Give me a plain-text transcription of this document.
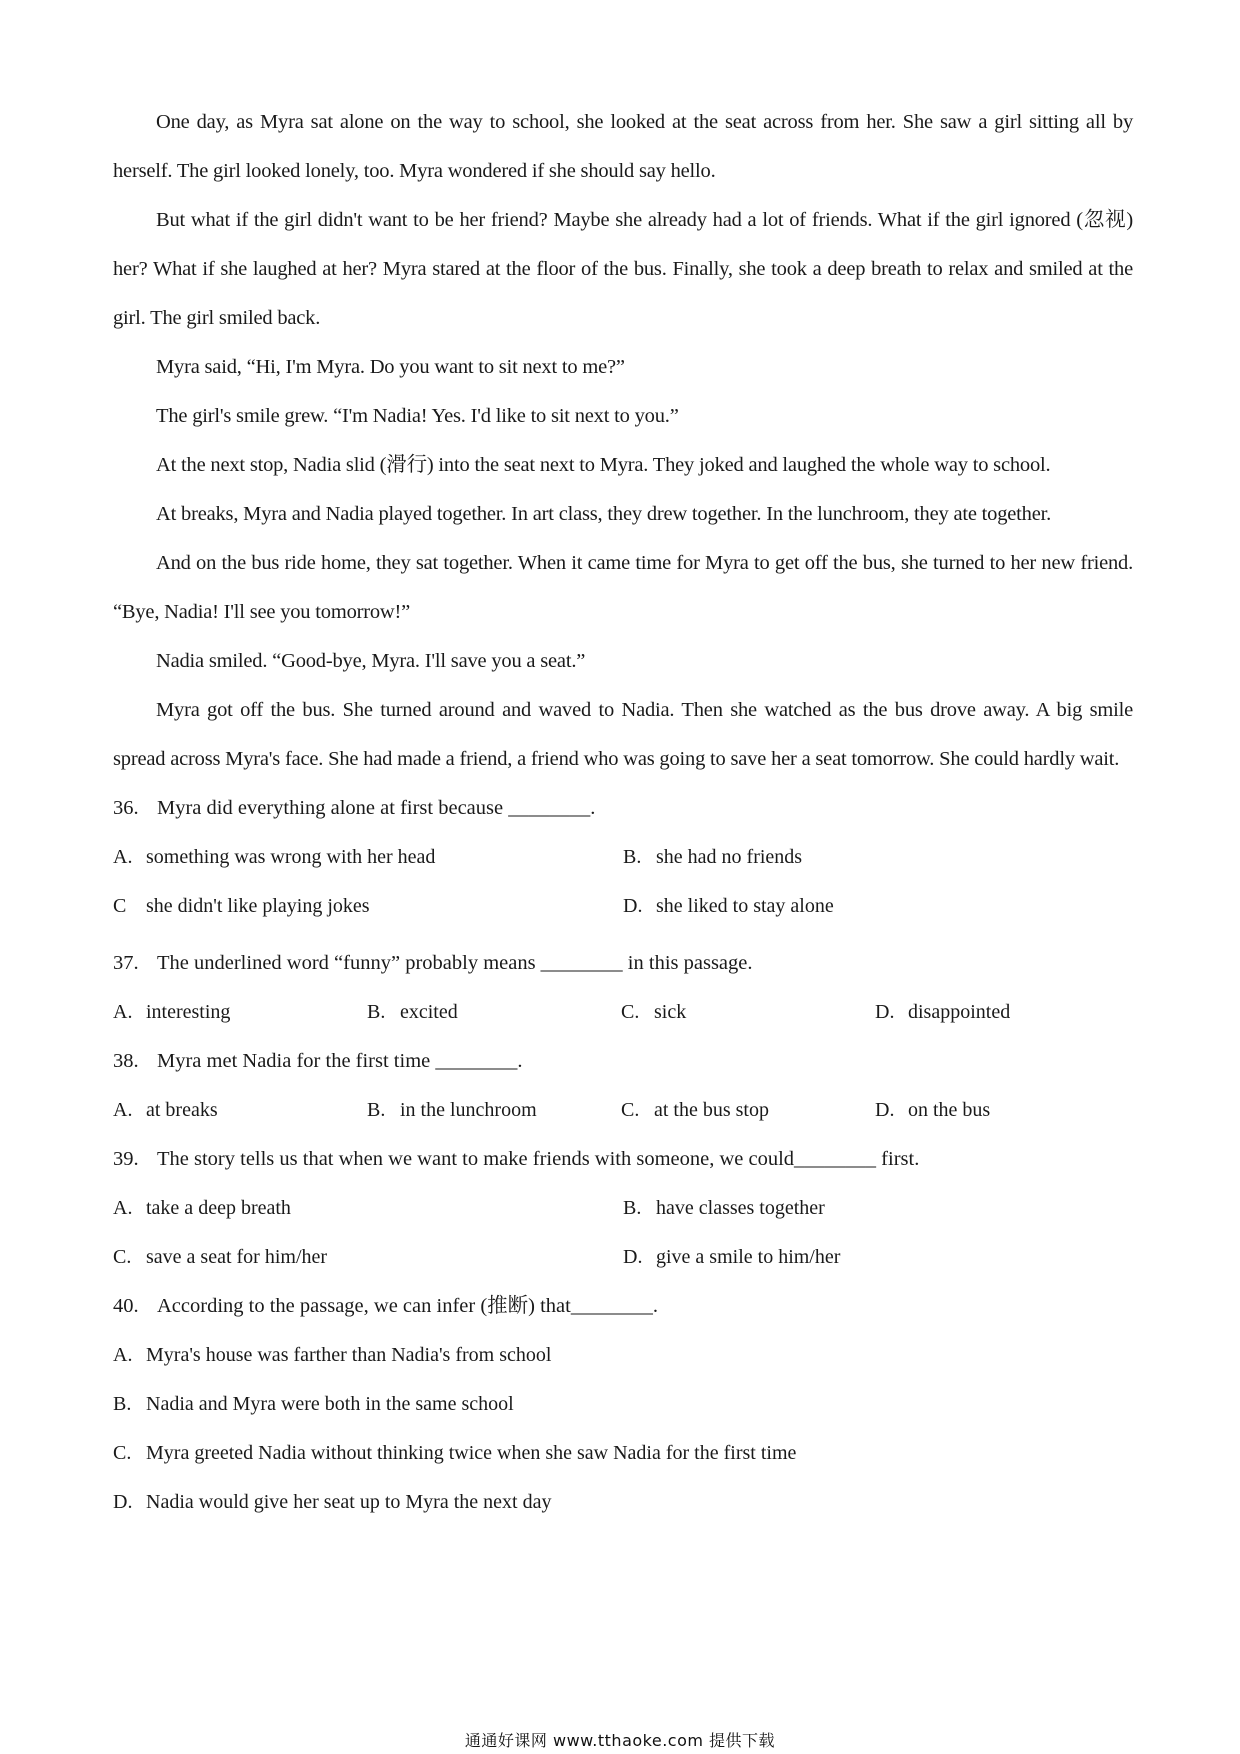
One day, as Myra sat alone on the way to school, she looked at the seat across from her. She saw a girl sitting all by herself. The girl looked lonely, too. Myra wondered if she should say hello.

But what if the girl didn't want to be her friend? Maybe she already had a lot of friends. What if the girl ignored (忽视) her? What if she laughed at her? Myra stared at the floor of the bus. Finally, she took a deep breath to relax and smiled at the girl. The girl smiled back.

Myra said, “Hi, I'm Myra. Do you want to sit next to me?”

The girl's smile grew. “I'm Nadia! Yes. I'd like to sit next to you.”

At the next stop, Nadia slid (滑行) into the seat next to Myra. They joked and laughed the whole way to school.

At breaks, Myra and Nadia played together. In art class, they drew together. In the lunchroom, they ate together.

And on the bus ride home, they sat together. When it came time for Myra to get off the bus, she turned to her new friend. “Bye, Nadia! I'll see you tomorrow!”

Nadia smiled. “Good-bye, Myra. I'll save you a seat.”

Myra got off the bus. She turned around and waved to Nadia. Then she watched as the bus drove away. A big smile spread across Myra's face. She had made a friend, a friend who was going to save her a seat tomorrow. She could hardly wait.

36. Myra did everything alone at first because ________.

A. something was wrong with her head	B. she had no friends
C she didn't like playing jokes	D. she liked to stay alone

37. The underlined word “funny” probably means ________ in this passage.

A. interesting	B. excited	C. sick	D. disappointed

38. Myra met Nadia for the first time ________.

A. at breaks	B. in the lunchroom	C. at the bus stop	D. on the bus

39. The story tells us that when we want to make friends with someone, we could________ first.

A. take a deep breath	B. have classes together
C. save a seat for him/her	D. give a smile to him/her

40. According to the passage, we can infer (推断) that________.

A. Myra's house was farther than Nadia's from school
B. Nadia and Myra were both in the same school
C. Myra greeted Nadia without thinking twice when she saw Nadia for the first time
D. Nadia would give her seat up to Myra the next day
通通好课网 www.tthaoke.com 提供下载
